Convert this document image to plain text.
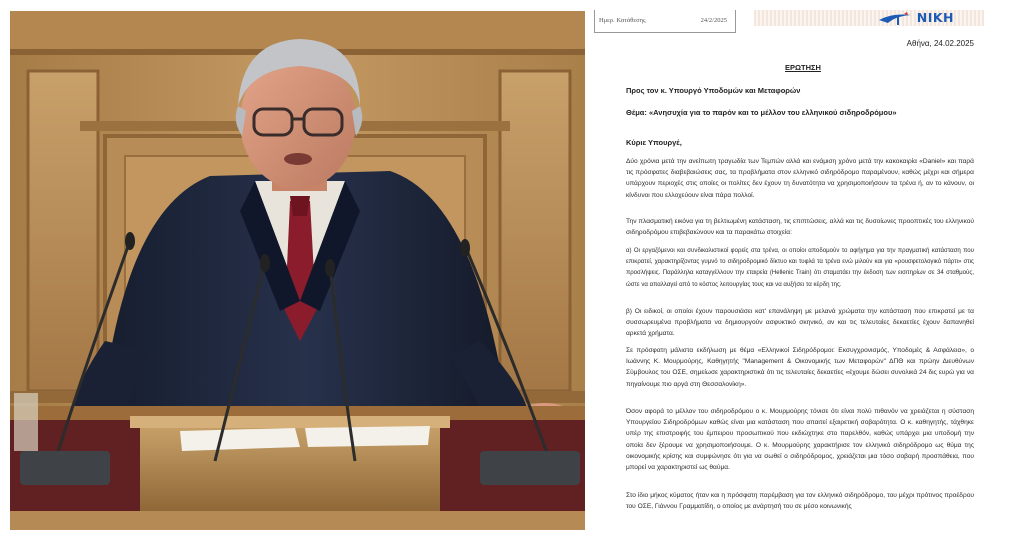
Ημερ. Κατάθεσης	24/2/2025	ΝΙΚΗ
Αθήνα, 24.02.2025
ΕΡΩΤΗΣΗ
Προς τον κ. Υπουργό Υποδομών και Μεταφορών
Θέμα: «Ανησυχία για το παρόν και το μέλλον του ελληνικού σιδηροδρόμου»
Κύριε Υπουργέ,

Δύο χρόνια μετά την ανείπωτη τραγωδία των Τεμπών αλλά και ενάμιση χρόνο μετά την κακοκαιρία «Daniel» και παρά τις πρόσφατες διαβεβαιώσεις σας, τα προβλήματα στον ελληνικό σιδηρόδρομο παραμένουν, καθώς μέχρι και σήμερα υπάρχουν περιοχές στις οποίες οι πολίτες δεν έχουν τη δυνατότητα να χρησιμοποιήσουν τα τρένα ή, αν το κάνουν, οι κίνδυνοι που ελλοχεύουν είναι πάρα πολλοί.

Την πλασματική εικόνα για τη βελτιωμένη κατάσταση, τις επιπτώσεις, αλλά και τις δυσοίωνες προοπτικές του ελληνικού σιδηροδρόμου επιβεβαιώνουν και τα παρακάτω στοιχεία:

α) Οι εργαζόμενοι και συνδικαλιστικοί φορείς στα τρένα, οι οποίοι αποδομούν το αφήγημα για την πραγματική κατάσταση που επικρατεί, χαρακτηρίζοντας γυμνό το σιδηροδρομικό δίκτυο και τυφλά τα τρένα ενώ μιλούν και για «ρουσφετολογικό πάρτι» στις προσλήψεις. Παράλληλα καταγγέλλουν την εταιρεία (Hellenic Train) ότι σταματάει την έκδοση των εισιτηρίων σε 34 σταθμούς, ώστε να απαλλαγεί από το κόστος λειτουργίας τους και να αυξήσει τα κέρδη της.

β) Οι ειδικοί, οι οποίοι έχουν παρουσιάσει κατ' επανάληψη με μελανά χρώματα την κατάσταση που επικρατεί με τα συσσωρευμένα προβλήματα να δημιουργούν ασφυκτικό σκηνικό, αν και τις τελευταίες δεκαετίες έχουν δαπανηθεί αρκετά χρήματα.

Σε πρόσφατη μάλιστα εκδήλωση με θέμα «Ελληνικοί Σιδηρόδρομοι: Εκσυγχρονισμός, Υποδομές & Ασφάλεια», ο Ιωάννης Κ. Μουρμούρης, Καθηγητής "Management & Οικονομικής των Μεταφορών" ΔΠΘ και πρώην Διευθύνων Σύμβουλος του ΟΣΕ, σημείωσε χαρακτηριστικά ότι τις τελευταίες δεκαετίες «έχουμε δώσει συνολικά 24 δις ευρώ για να πηγαίνουμε πιο αργά στη Θεσσαλονίκη».

Όσον αφορά το μέλλον του σιδηροδρόμου ο κ. Μουρμούρης τόνισε ότι είναι πολύ πιθανόν να χρειάζεται η σύσταση Υπουργείου Σιδηροδρόμων καθώς είναι μια κατάσταση που απαιτεί εξαιρετική σοβαρότητα. Ο κ. καθηγητής, τάχθηκε υπέρ της επιστροφής του έμπειρου προσωπικού που εκδιώχτηκε στο παρελθόν, καθώς υπάρχει μια υποδομή την οποία δεν ξέρουμε να χρησιμοποιήσουμε. Ο κ. Μουρμούρης χαρακτήρισε τον ελληνικό σιδηρόδρομο ως θύμα της οικονομικής κρίσης και συμφώνησε ότι για να σωθεί ο σιδηρόδρομος, χρειάζεται μια τόσο σοβαρή προσπάθεια, που μπορεί να χαρακτηριστεί ως θαύμα.

Στο ίδιο μήκος κύματος ήταν και η πρόσφατη παρέμβαση για τον ελληνικό σιδηρόδρομο, του μέχρι πρότινος προέδρου του ΟΣΕ, Γιάννου Γραμματίδη, ο οποίος με ανάρτησή του σε μέσο κοινωνικής
